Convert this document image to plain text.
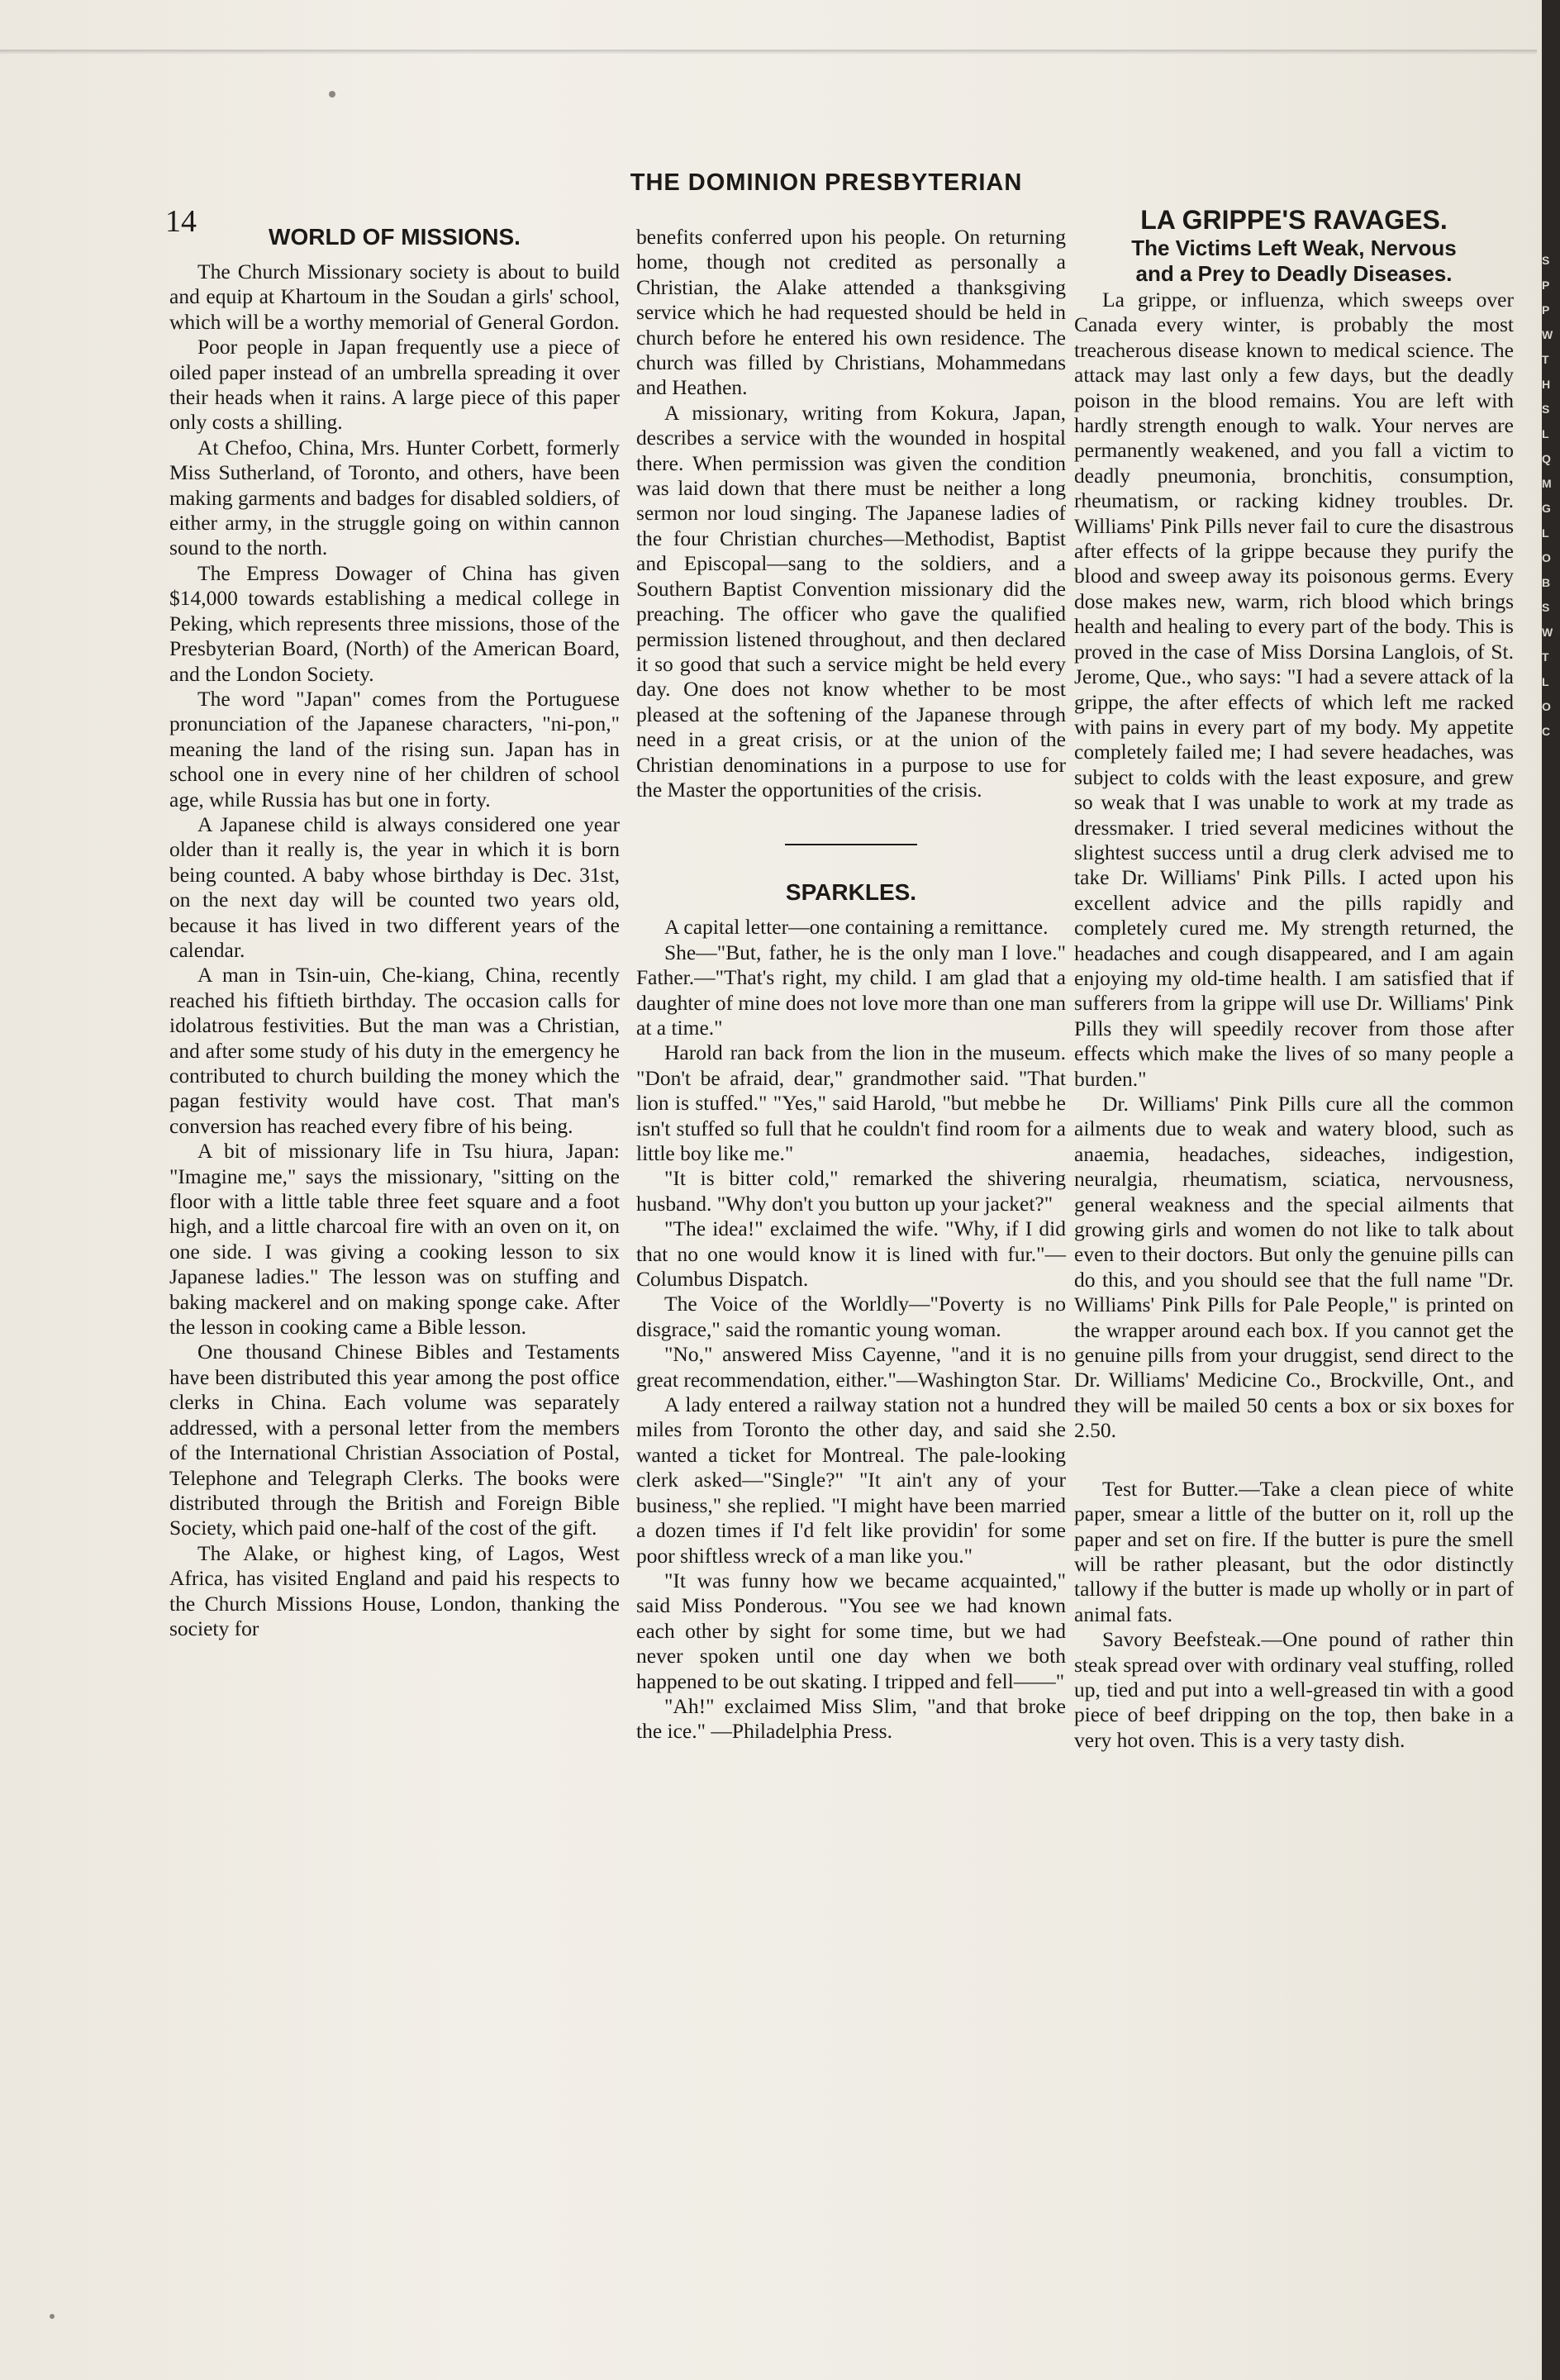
14
THE DOMINION PRESBYTERIAN
WORLD OF MISSIONS.

The Church Missionary society is about to build and equip at Khartoum in the Soudan a girls' school, which will be a worthy memorial of General Gordon.

Poor people in Japan frequently use a piece of oiled paper instead of an umbrella spreading it over their heads when it rains. A large piece of this paper only costs a shilling.

At Chefoo, China, Mrs. Hunter Corbett, formerly Miss Sutherland, of Toronto, and others, have been making garments and badges for disabled soldiers, of either army, in the struggle going on within cannon sound to the north.

The Empress Dowager of China has given $14,000 towards establishing a medical college in Peking, which represents three missions, those of the Presbyterian Board, (North) of the American Board, and the London Society.

The word "Japan" comes from the Portuguese pronunciation of the Japanese characters, "ni-pon," meaning the land of the rising sun. Japan has in school one in every nine of her children of school age, while Russia has but one in forty.

A Japanese child is always considered one year older than it really is, the year in which it is born being counted. A baby whose birthday is Dec. 31st, on the next day will be counted two years old, because it has lived in two different years of the calendar.

A man in Tsin-uin, Che-kiang, China, recently reached his fiftieth birthday. The occasion calls for idolatrous festivities. But the man was a Christian, and after some study of his duty in the emergency he contributed to church building the money which the pagan festivity would have cost. That man's conversion has reached every fibre of his being.

A bit of missionary life in Tsu hiura, Japan: "Imagine me," says the missionary, "sitting on the floor with a little table three feet square and a foot high, and a little charcoal fire with an oven on it, on one side. I was giving a cooking lesson to six Japanese ladies." The lesson was on stuffing and baking mackerel and on making sponge cake. After the lesson in cooking came a Bible lesson.

One thousand Chinese Bibles and Testaments have been distributed this year among the post office clerks in China. Each volume was separately addressed, with a personal letter from the members of the International Christian Association of Postal, Telephone and Telegraph Clerks. The books were distributed through the British and Foreign Bible Society, which paid one-half of the cost of the gift.

The Alake, or highest king, of Lagos, West Africa, has visited England and paid his respects to the Church Missions House, London, thanking the society for

benefits conferred upon his people. On returning home, though not credited as personally a Christian, the Alake attended a thanksgiving service which he had requested should be held in church before he entered his own residence. The church was filled by Christians, Mohammedans and Heathen.

A missionary, writing from Kokura, Japan, describes a service with the wounded in hospital there. When permission was given the condition was laid down that there must be neither a long sermon nor loud singing. The Japanese ladies of the four Christian churches—Methodist, Baptist and Episcopal—sang to the soldiers, and a Southern Baptist Convention missionary did the preaching. The officer who gave the qualified permission listened throughout, and then declared it so good that such a service might be held every day. One does not know whether to be most pleased at the softening of the Japanese through need in a great crisis, or at the union of the Christian denominations in a purpose to use for the Master the opportunities of the crisis.

SPARKLES.

A capital letter—one containing a remittance.

She—"But, father, he is the only man I love." Father.—"That's right, my child. I am glad that a daughter of mine does not love more than one man at a time."

Harold ran back from the lion in the museum. "Don't be afraid, dear," grandmother said. "That lion is stuffed." "Yes," said Harold, "but mebbe he isn't stuffed so full that he couldn't find room for a little boy like me."

"It is bitter cold," remarked the shivering husband. "Why don't you button up your jacket?"

"The idea!" exclaimed the wife. "Why, if I did that no one would know it is lined with fur."—Columbus Dispatch.

The Voice of the Worldly—"Poverty is no disgrace," said the romantic young woman.

"No," answered Miss Cayenne, "and it is no great recommendation, either."—Washington Star.

A lady entered a railway station not a hundred miles from Toronto the other day, and said she wanted a ticket for Montreal. The pale-looking clerk asked—"Single?" "It ain't any of your business," she replied. "I might have been married a dozen times if I'd felt like providin' for some poor shiftless wreck of a man like you."

"It was funny how we became acquainted," said Miss Ponderous. "You see we had known each other by sight for some time, but we had never spoken until one day when we both happened to be out skating. I tripped and fell——"

"Ah!" exclaimed Miss Slim, "and that broke the ice." —Philadelphia Press.

LA GRIPPE'S RAVAGES.
The Victims Left Weak, Nervous
and a Prey to Deadly Diseases.

La grippe, or influenza, which sweeps over Canada every winter, is probably the most treacherous disease known to medical science. The attack may last only a few days, but the deadly poison in the blood remains. You are left with hardly strength enough to walk. Your nerves are permanently weakened, and you fall a victim to deadly pneumonia, bronchitis, consumption, rheumatism, or racking kidney troubles. Dr. Williams' Pink Pills never fail to cure the disastrous after effects of la grippe because they purify the blood and sweep away its poisonous germs. Every dose makes new, warm, rich blood which brings health and healing to every part of the body. This is proved in the case of Miss Dorsina Langlois, of St. Jerome, Que., who says: "I had a severe attack of la grippe, the after effects of which left me racked with pains in every part of my body. My appetite completely failed me; I had severe headaches, was subject to colds with the least exposure, and grew so weak that I was unable to work at my trade as dressmaker. I tried several medicines without the slightest success until a drug clerk advised me to take Dr. Williams' Pink Pills. I acted upon his excellent advice and the pills rapidly and completely cured me. My strength returned, the headaches and cough disappeared, and I am again enjoying my old-time health. I am satisfied that if sufferers from la grippe will use Dr. Williams' Pink Pills they will speedily recover from those after effects which make the lives of so many people a burden."

Dr. Williams' Pink Pills cure all the common ailments due to weak and watery blood, such as anaemia, headaches, sideaches, indigestion, neuralgia, rheumatism, sciatica, nervousness, general weakness and the special ailments that growing girls and women do not like to talk about even to their doctors. But only the genuine pills can do this, and you should see that the full name "Dr. Williams' Pink Pills for Pale People," is printed on the wrapper around each box. If you cannot get the genuine pills from your druggist, send direct to the Dr. Williams' Medicine Co., Brockville, Ont., and they will be mailed 50 cents a box or six boxes for 2.50.

Test for Butter.—Take a clean piece of white paper, smear a little of the butter on it, roll up the paper and set on fire. If the butter is pure the smell will be rather pleasant, but the odor distinctly tallowy if the butter is made up wholly or in part of animal fats.

Savory Beefsteak.—One pound of rather thin steak spread over with ordinary veal stuffing, rolled up, tied and put into a well-greased tin with a good piece of beef dripping on the top, then bake in a very hot oven. This is a very tasty dish.

S
P
P
W
T
H
S
L
Q
M
G
L
O
B
S
W
T
L
O
C
